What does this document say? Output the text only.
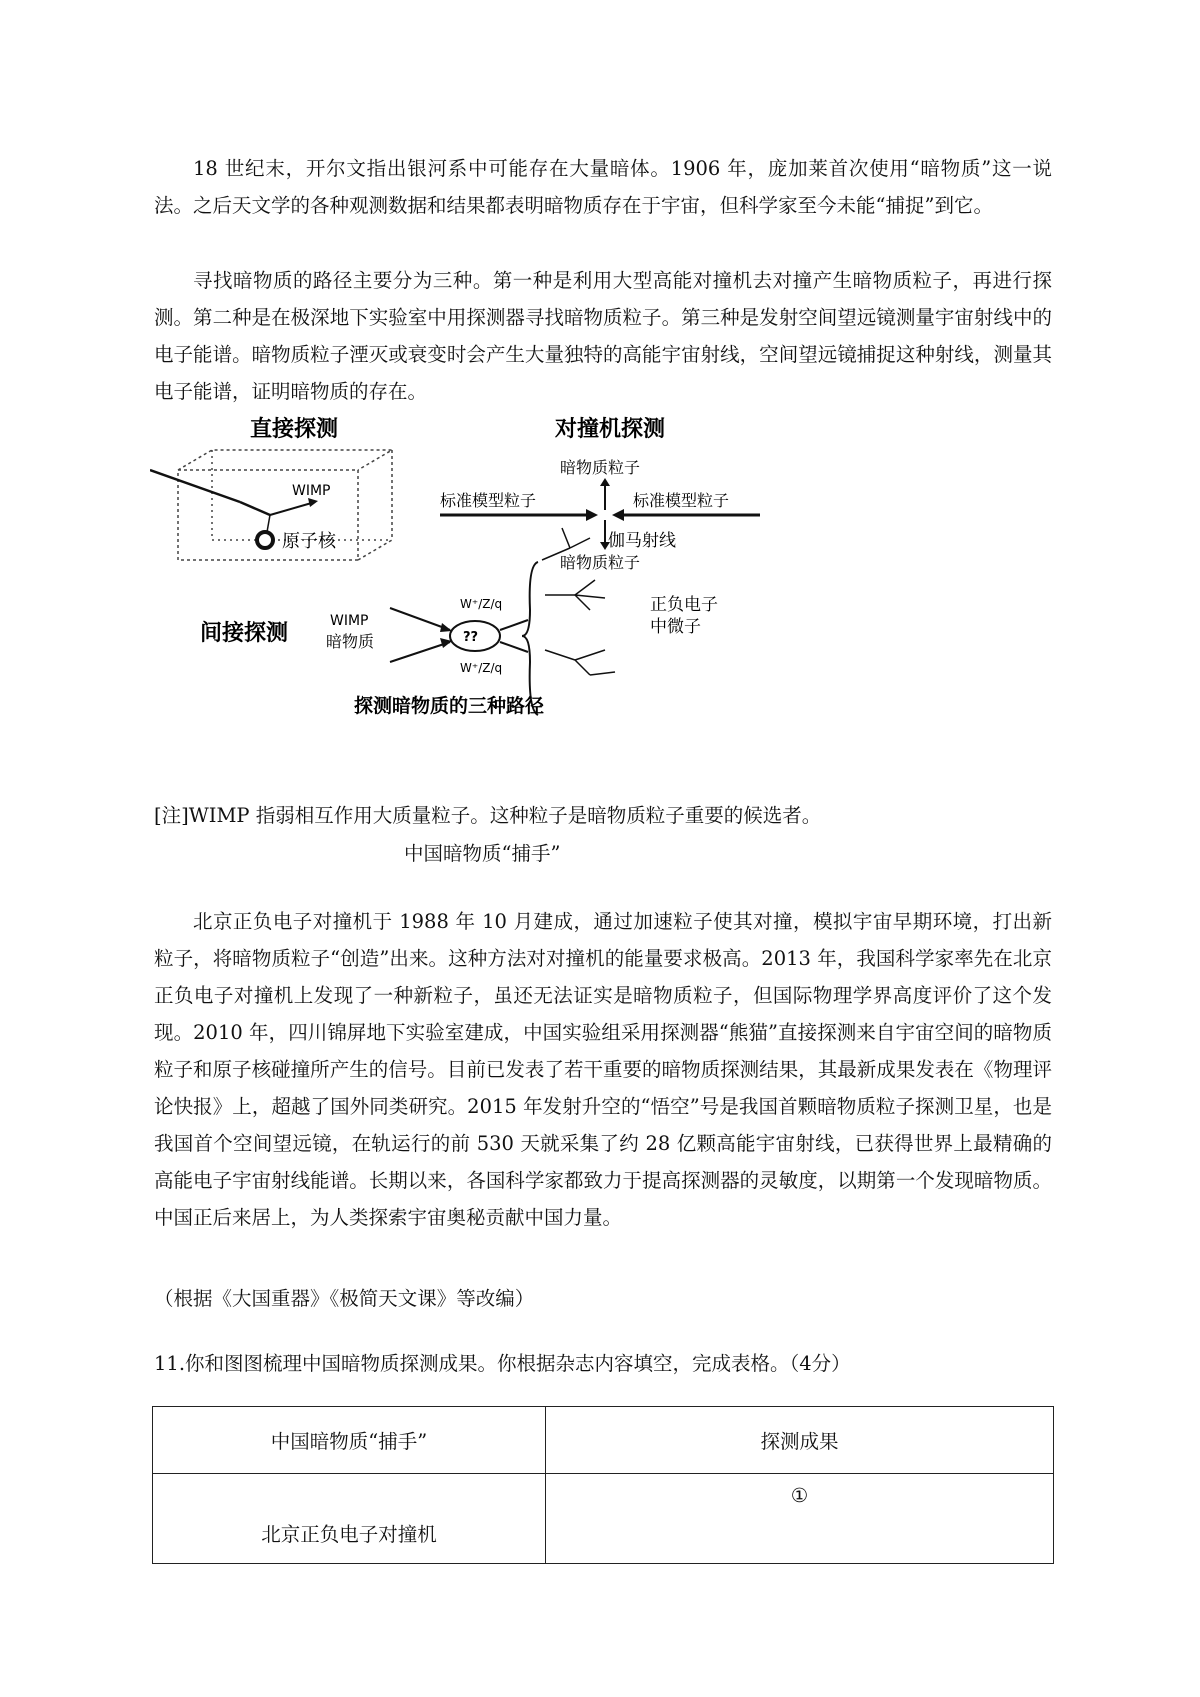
18 世纪末，开尔文指出银河系中可能存在大量暗体。1906 年，庞加莱首次使用“暗物质”这一说法。之后天文学的各种观测数据和结果都表明暗物质存在于宇宙，但科学家至今未能“捕捉”到它。

寻找暗物质的路径主要分为三种。第一种是利用大型高能对撞机去对撞产生暗物质粒子，再进行探测。第二种是在极深地下实验室中用探测器寻找暗物质粒子。第三种是发射空间望远镜测量宇宙射线中的电子能谱。暗物质粒子湮灭或衰变时会产生大量独特的高能宇宙射线，空间望远镜捕捉这种射线，测量其电子能谱，证明暗物质的存在。

直接探测
WIMP
原子核
对撞机探测
暗物质粒子
标准模型粒子	标准模型粒子
暗物质粒子
间接探测	WIMP
暗物质	??
W⁺/Z/q
W⁺/Z/q
伽马射线
正负电子
中微子
探测暗物质的三种路径

[注]WIMP 指弱相互作用大质量粒子。这种粒子是暗物质粒子重要的候选者。

中国暗物质“捕手”

北京正负电子对撞机于 1988 年 10 月建成，通过加速粒子使其对撞，模拟宇宙早期环境，打出新粒子，将暗物质粒子“创造”出来。这种方法对对撞机的能量要求极高。2013 年，我国科学家率先在北京正负电子对撞机上发现了一种新粒子，虽还无法证实是暗物质粒子，但国际物理学界高度评价了这个发现。2010 年，四川锦屏地下实验室建成，中国实验组采用探测器“熊猫”直接探测来自宇宙空间的暗物质粒子和原子核碰撞所产生的信号。目前已发表了若干重要的暗物质探测结果，其最新成果发表在《物理评论快报》上，超越了国外同类研究。2015 年发射升空的“悟空”号是我国首颗暗物质粒子探测卫星，也是我国首个空间望远镜，在轨运行的前 530 天就采集了约 28 亿颗高能宇宙射线，已获得世界上最精确的高能电子宇宙射线能谱。长期以来，各国科学家都致力于提高探测器的灵敏度，以期第一个发现暗物质。中国正后来居上，为人类探索宇宙奥秘贡献中国力量。

（根据《大国重器》《极简天文课》等改编）

11.你和图图梳理中国暗物质探测成果。你根据杂志内容填空，完成表格。（4分）

中国暗物质“捕手”	探测成果
北京正负电子对撞机	①
